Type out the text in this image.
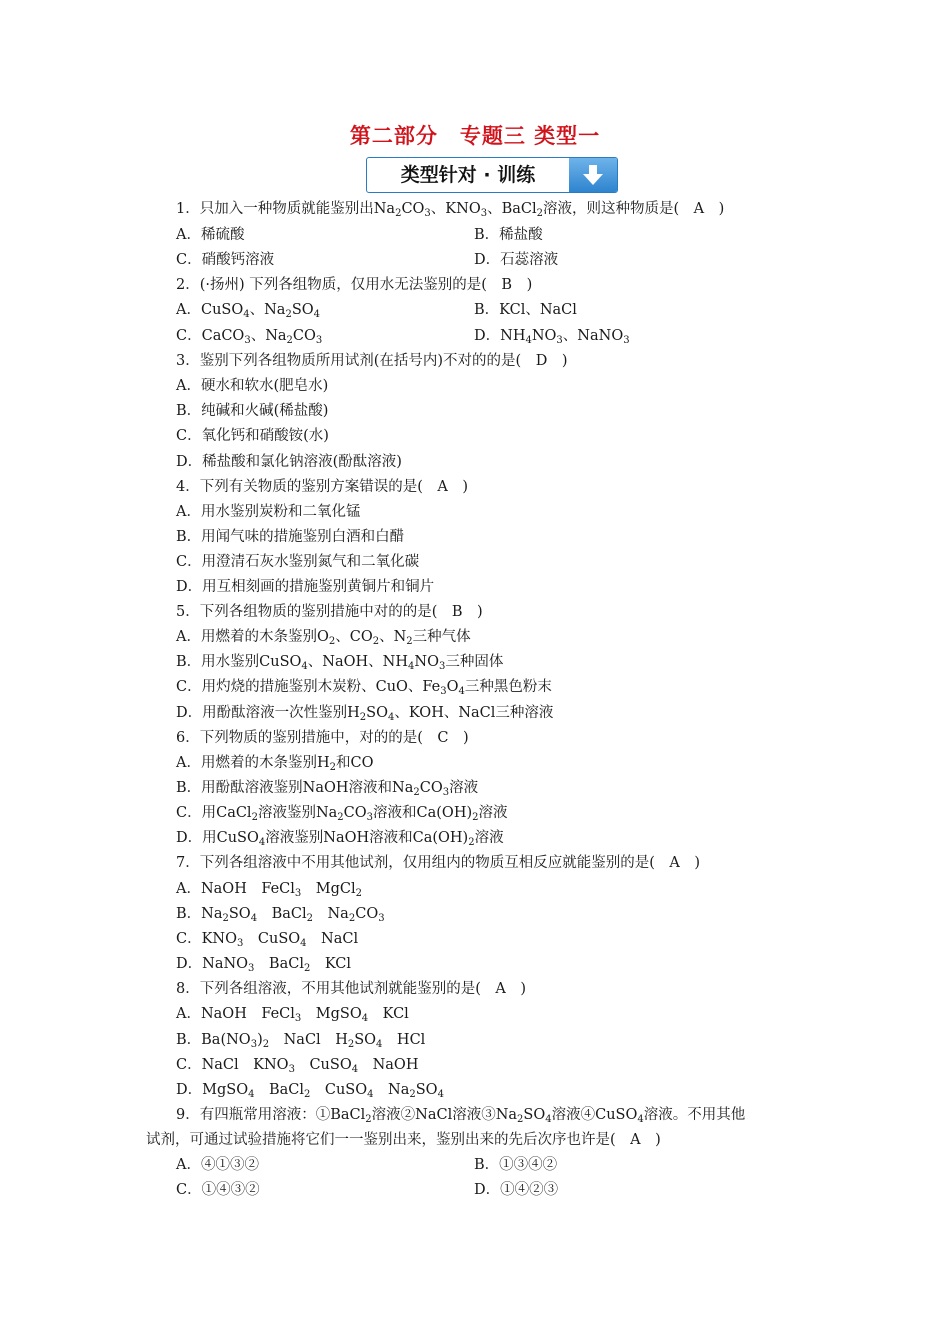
第二部分　专题三 类型一
类型针对 · 训练
1．只加入一种物质就能鉴别出$Na_2CO_3$、$KNO_3$、BaCl$_2$溶液，则这种物质是(　A　)
A．稀硫酸	B．稀盐酸
C．硝酸钙溶液	D．石蕊溶液
2．(·扬州) 下列各组物质，仅用水无法鉴别的是(　B　)
A．CuSO$_4$、$Na_2SO_4$	B．KCl、NaCl
C．CaCO$_3$、$Na_2CO_3$	D．$NH_4NO_3$、NaNO$_3$
3．鉴别下列各组物质所用试剂(在括号内)不对的的是(　D　)
A．硬水和软水(肥皂水)
B．纯碱和火碱(稀盐酸)
C．氧化钙和硝酸铵(水)
D．稀盐酸和氯化钠溶液(酚酞溶液)
4．下列有关物质的鉴别方案错误的是(　A　)
A．用水鉴别炭粉和二氧化锰
B．用闻气味的措施鉴别白酒和白醋
C．用澄清石灰水鉴别氮气和二氧化碳
D．用互相刻画的措施鉴别黄铜片和铜片
5．下列各组物质的鉴别措施中对的的是(　B　)
A．用燃着的木条鉴别$O_2$、$CO_2$、$N_2$三种气体
B．用水鉴别CuSO$_4$、NaOH、$NH_4NO_3$三种固体
C．用灼烧的措施鉴别木炭粉、CuO、$Fe_3O_4$三种黑色粉末
D．用酚酞溶液一次性鉴别$H_2SO_4$、KOH、NaCl三种溶液
6．下列物质的鉴别措施中，对的的是(　C　)
A．用燃着的木条鉴别$H_2$和CO
B．用酚酞溶液鉴别NaOH溶液和$Na_2CO_3$溶液
C．用CaCl$_2$溶液鉴别$Na_2CO_3$溶液和$Ca(OH)_2$溶液
D．用CuSO$_4$溶液鉴别NaOH溶液和$Ca(OH)_2$溶液
7．下列各组溶液中不用其他试剂，仅用组内的物质互相反应就能鉴别的是(　A　)
A．NaOH　FeCl$_3$　MgCl$_2$
B．$Na_2SO_4$　BaCl$_2$　$Na_2CO_3$
C．$KNO_3$　CuSO$_4$　NaCl
D．NaNO$_3$　BaCl$_2$　KCl
8．下列各组溶液，不用其他试剂就能鉴别的是(　A　)
A．NaOH　FeCl$_3$　MgSO$_4$　KCl
B．$Ba(NO_3)_2$　NaCl　$H_2SO_4$　HCl
C．NaCl　$KNO_3$　CuSO$_4$　NaOH
D．MgSO$_4$　BaCl$_2$　CuSO$_4$　$Na_2SO_4$
9．有四瓶常用溶液：①BaCl$_2$溶液②NaCl溶液$③Na_2SO_4$溶液④CuSO$_4$溶液。不用其他
试剂，可通过试验措施将它们一一鉴别出来，鉴别出来的先后次序也许是(　A　)
A．④①③②	B．①③④②
C．①④③②	D．①④②③
